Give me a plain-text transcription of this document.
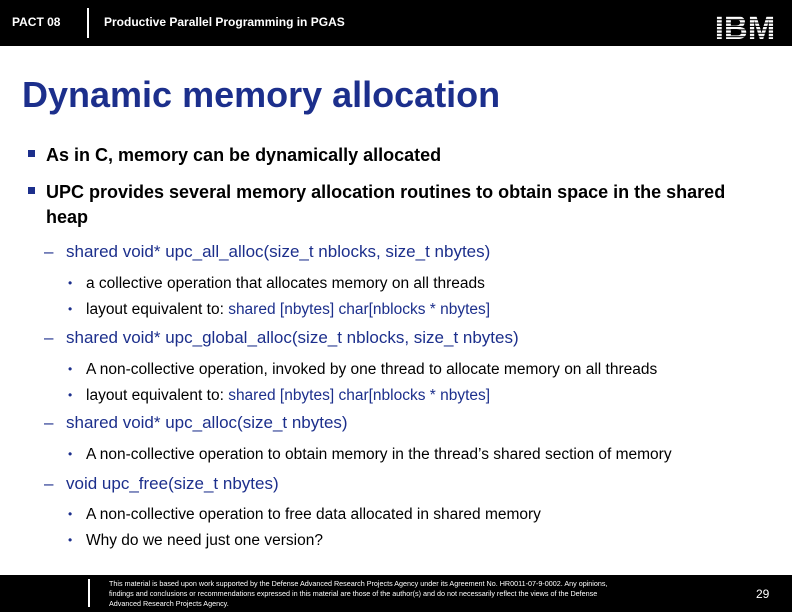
PACT 08	Productive Parallel Programming in PGAS
Dynamic memory allocation
As in C, memory can be dynamically allocated
UPC provides several memory allocation routines to obtain space in the shared heap
– shared void* upc_all_alloc(size_t nblocks, size_t nbytes)
• a collective operation that allocates memory on all threads
• layout equivalent to: shared [nbytes] char[nblocks * nbytes]
– shared void* upc_global_alloc(size_t nblocks, size_t nbytes)
• A non-collective operation, invoked by one thread to allocate memory on all threads
• layout equivalent to: shared [nbytes] char[nblocks * nbytes]
– shared void* upc_alloc(size_t nbytes)
• A non-collective operation to obtain memory in the thread’s shared section of memory
– void upc_free(size_t nbytes)
• A non-collective operation to free data allocated in shared memory
• Why do we need just one version?
This material is based upon work supported by the Defense Advanced Research Projects Agency under its Agreement No. HR0011-07-9-0002. Any opinions, findings and conclusions or recommendations expressed in this material are those of the author(s) and do not necessarily reflect the views of the Defense Advanced Research Projects Agency.
29
